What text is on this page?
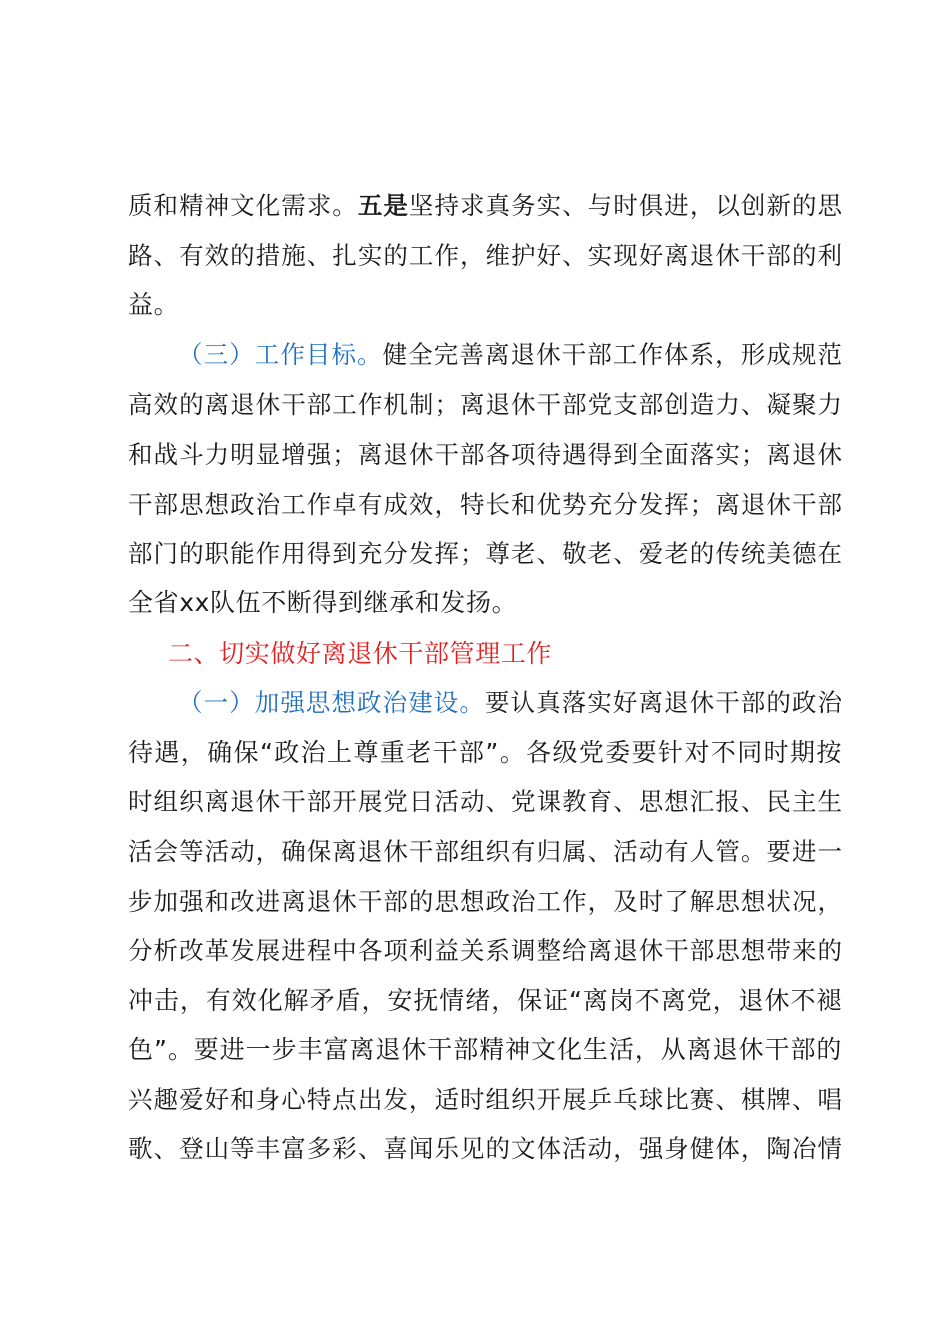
质和精神文化需求。五是坚持求真务实、与时俱进，以创新的思
路、有效的措施、扎实的工作，维护好、实现好离退休干部的利
益。
（三）工作目标。健全完善离退休干部工作体系，形成规范
高效的离退休干部工作机制；离退休干部党支部创造力、凝聚力
和战斗力明显增强；离退休干部各项待遇得到全面落实；离退休
干部思想政治工作卓有成效，特长和优势充分发挥；离退休干部
部门的职能作用得到充分发挥；尊老、敬老、爱老的传统美德在
全省xx队伍不断得到继承和发扬。
二、切实做好离退休干部管理工作
（一）加强思想政治建设。要认真落实好离退休干部的政治
待遇，确保“政治上尊重老干部”。各级党委要针对不同时期按
时组织离退休干部开展党日活动、党课教育、思想汇报、民主生
活会等活动，确保离退休干部组织有归属、活动有人管。要进一
步加强和改进离退休干部的思想政治工作，及时了解思想状况，
分析改革发展进程中各项利益关系调整给离退休干部思想带来的
冲击，有效化解矛盾，安抚情绪，保证“离岗不离党，退休不褪
色”。要进一步丰富离退休干部精神文化生活，从离退休干部的
兴趣爱好和身心特点出发，适时组织开展乒乓球比赛、棋牌、唱
歌、登山等丰富多彩、喜闻乐见的文体活动，强身健体，陶冶情
